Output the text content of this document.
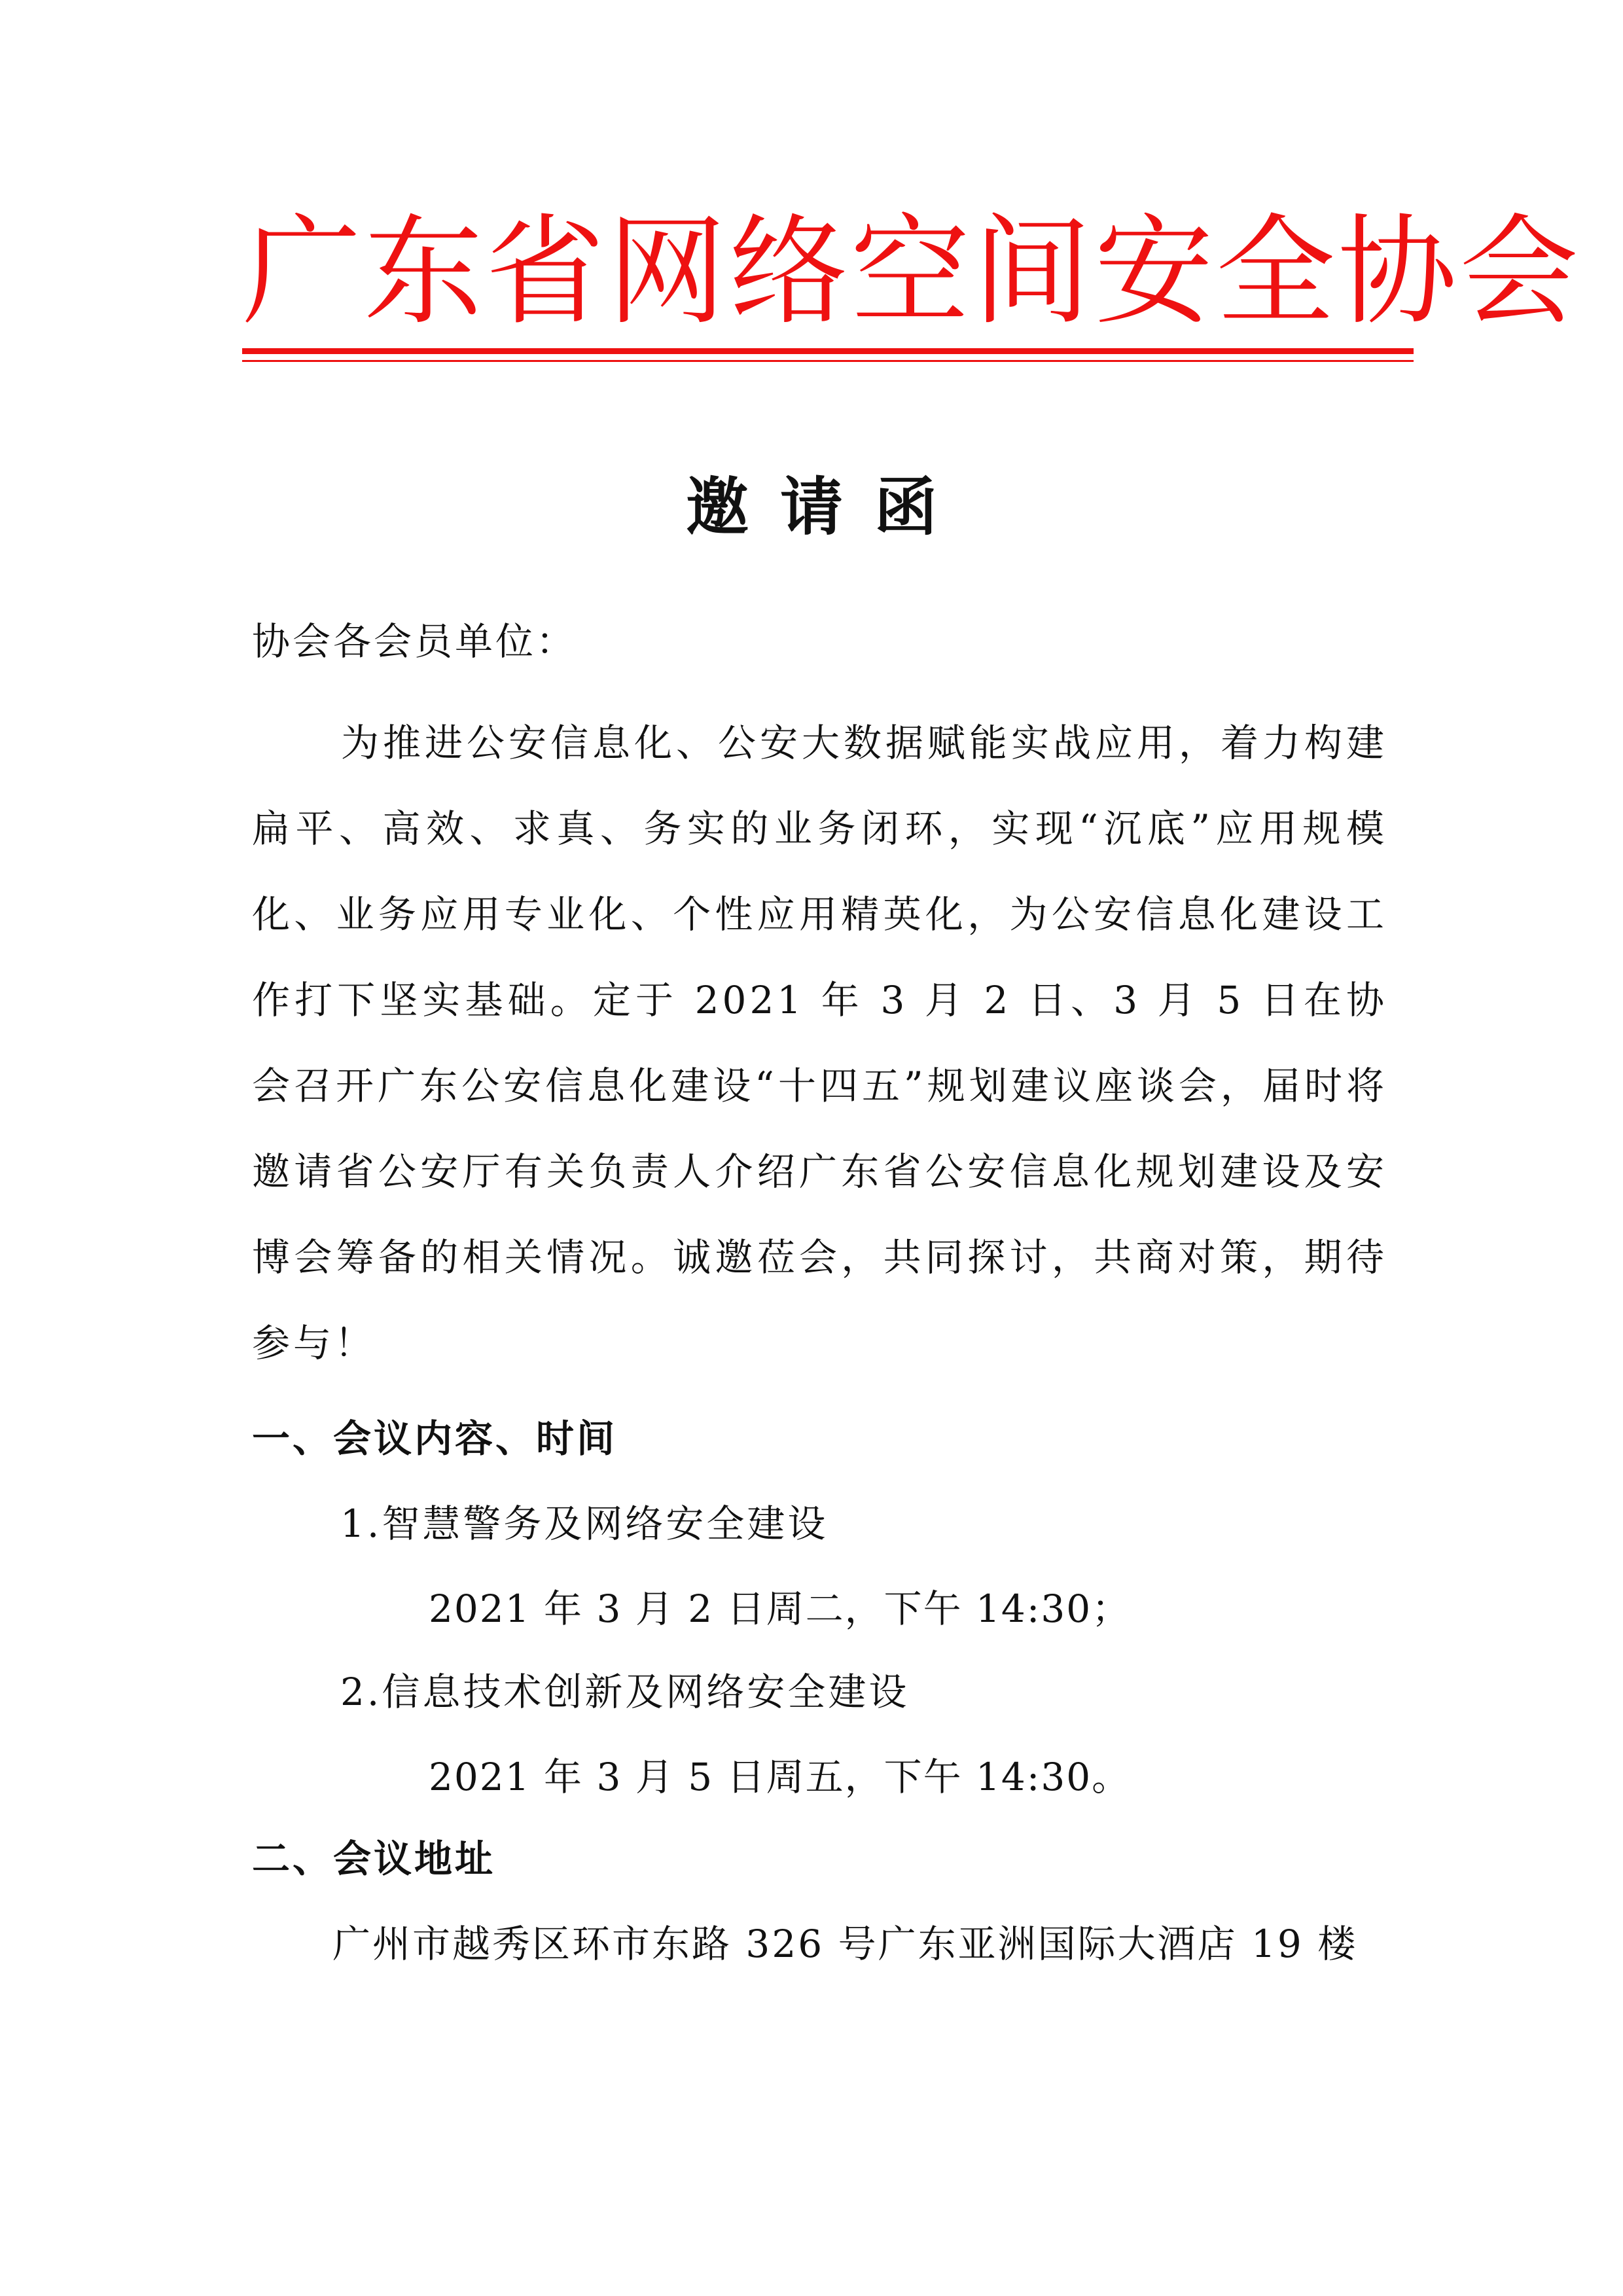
广东省网络空间安全协会
邀请函

协会各会员单位：

为推进公安信息化、公安大数据赋能实战应用，着力构建扁平、高效、求真、务实的业务闭环，实现“沉底”应用规模化、业务应用专业化、个性应用精英化，为公安信息化建设工作打下坚实基础。定于 2021 年 3 月 2 日、3 月 5 日在协会召开广东公安信息化建设“十四五”规划建议座谈会，届时将邀请省公安厅有关负责人介绍广东省公安信息化规划建设及安博会筹备的相关情况。诚邀莅会，共同探讨，共商对策，期待参与！

一、会议内容、时间
1.智慧警务及网络安全建设
2021 年 3 月 2 日周二，下午 14:30；
2.信息技术创新及网络安全建设
2021 年 3 月 5 日周五，下午 14:30。
二、会议地址
广州市越秀区环市东路 326 号广东亚洲国际大酒店 19 楼
